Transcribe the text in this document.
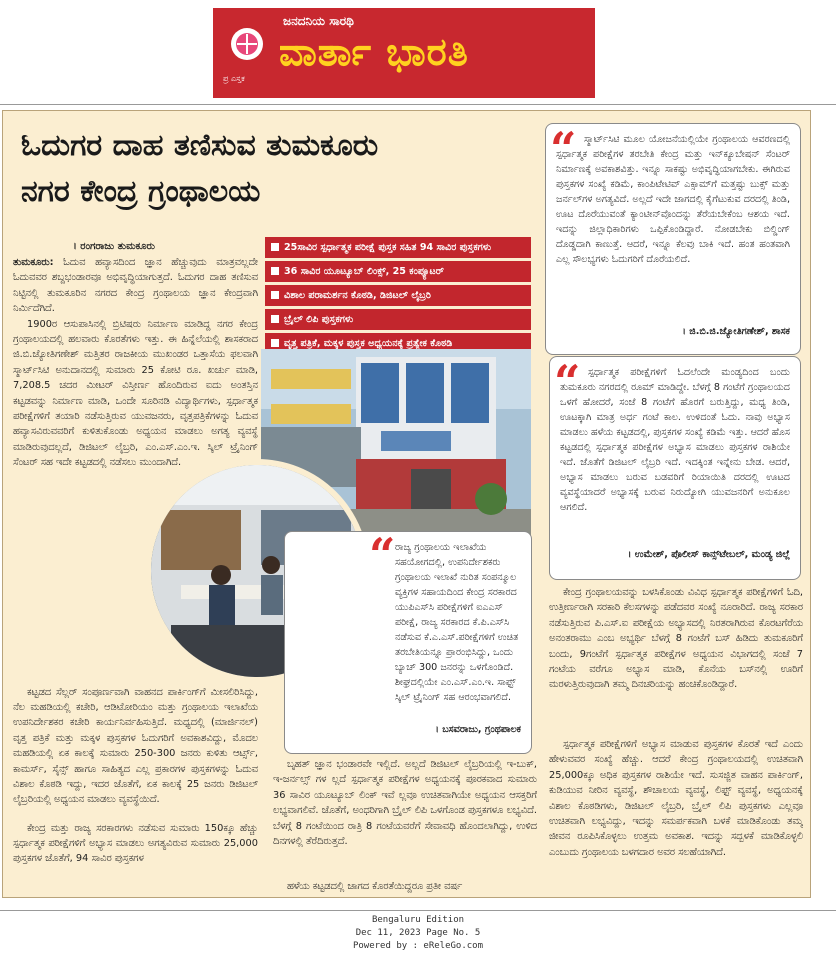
ಜನದನಿಯ ಸಾರಥಿ
ವಾರ್ತಾ ಭಾರತಿ
ಪ್ರ ಎಸ್ತಕ
ಓದುಗರ ದಾಹ ತಣಿಸುವ ತುಮಕೂರು
ನಗರ ಕೇಂದ್ರ ಗ್ರಂಥಾಲಯ
। ರಂಗರಾಜು ತುಮಕೂರು
ತುಮಕೂರು: ಓದುವ ಹವ್ಯಾಸದಿಂದ ಜ್ಞಾನ ಹೆಚ್ಚುವುದು ಮಾತ್ರವಲ್ಲದೇ ಓದುವವರ ಶಬ್ದಭಂಡಾರವೂ ಅಭಿವೃದ್ಧಿಯಾಗುತ್ತದೆ. ಓದುಗರ ದಾಹ ತಣಿಸುವ ನಿಟ್ಟಿನಲ್ಲಿ ತುಮಕೂರಿನ ನಗರದ ಕೇಂದ್ರ ಗ್ರಂಥಾಲಯ ಜ್ಞಾನ ಕೇಂದ್ರವಾಗಿ ನಿರ್ಮಿದೆಗಿದೆ.
1900ರ ಆಸುಪಾಸಿನಲ್ಲಿ ಬ್ರಿಟಿಷರು ನಿರ್ಮಾಣ ಮಾಡಿದ್ದ ನಗರ ಕೇಂದ್ರ ಗ್ರಂಥಾಲಯದಲ್ಲಿ ಹಲವಾರು ಕೊರತೆಗಳು ಇತ್ತು. ಈ ಹಿನ್ನೆಲೆಯಲ್ಲಿ ಶಾಸಕರಾದ ಜಿ.ಬಿ.ಜ್ಯೋತಿಗಣೇಶ್ ಮತ್ತಿತರ ರಾಜಕೀಯ ಮುಖಂಡರ ಒತ್ತಾಸೆಯ ಫಲವಾಗಿ ಸ್ಮಾರ್ಟ್‌ಸಿಟಿ ಅನುದಾನದಲ್ಲಿ ಸುಮಾರು 25 ಕೋಟಿ ರೂ. ಖರ್ಚು ಮಾಡಿ, 7,208.5 ಚದರ ಮೀಟರ್ ವಿಸ್ತೀರ್ಣ ಹೊಂದಿರುವ ಐದು ಅಂತಸ್ತಿನ ಕಟ್ಟಡವನ್ನು ನಿರ್ಮಾಣ ಮಾಡಿ, ಒಂದೇ ಸೂರಿನಡಿ ವಿದ್ಯಾರ್ಥಿಗಳು, ಸ್ಪರ್ಧಾತ್ಮಕ ಪರೀಕ್ಷೆಗಳಿಗೆ ತಯಾರಿ ನಡೆಸುತ್ತಿರುವ ಯುವಜನರು, ವೃತ್ತಪತ್ರಿಕೆಗಳನ್ನು ಓದುವ ಹವ್ಯಾಸವಿರುವವರಿಗೆ ಕುಳಿತುಕೊಂಡು ಅಧ್ಯಯನ ಮಾಡಲು ಅಗತ್ಯ ವ್ಯವಸ್ಥೆ ಮಾಡಿರುವುದಲ್ಲದೆ, ಡಿಜಿಟಲ್ ಲೈಬ್ರರಿ, ಎಂ.ಎಸ್.ಎಂ.ಇ. ಸ್ಕಿಲ್ ಟ್ರೈನಿಂಗ್ ಸೆಂಟರ್ ಸಹ ಇದೇ ಕಟ್ಟಡದಲ್ಲಿ ನಡೆಸಲು ಮುಂದಾಗಿದೆ.
ಕಟ್ಟಡದ ಸೆಲ್ಲರ್ ಸಂಪೂರ್ಣವಾಗಿ ವಾಹನದ ಪಾರ್ಕಿಂಗ್‌ಗೆ ಮೀಸಲಿರಿಸಿದ್ದು, ನೆಲ ಮಹಡಿಯಲ್ಲಿ ಕಚೇರಿ, ಆಡಿಟೋರಿಯಂ ಮತ್ತು ಗ್ರಂಥಾಲಯ ಇಲಾಖೆಯ ಉಪನಿರ್ದೇಶಕರ ಕಚೇರಿ ಕಾರ್ಯನಿರ್ವಹಿಸುತ್ತಿದೆ. ಮಧ್ಯದಲ್ಲಿ (ಮಾರ್ಜಿನಲ್) ವೃತ್ತ ಪತ್ರಿಕೆ ಮತ್ತು ಮಕ್ಕಳ ಪುಸ್ತಕಗಳ ಓದುಗರಿಗೆ ಅವಕಾಶವಿದ್ದು, ಮೊದಲ ಮಹಡಿಯಲ್ಲಿ ಏಕ ಕಾಲಕ್ಕೆ ಸುಮಾರು 250-300 ಜನರು ಕುಳಿತು ಆರ್ಟ್ಸ್, ಕಾಮರ್ಸ್, ಸೈನ್ಸ್ ಹಾಗೂ ಸಾಹಿತ್ಯದ ಎಲ್ಲ ಪ್ರಕಾರಗಳ ಪುಸ್ತಕಗಳನ್ನು ಓದುವ ವಿಶಾಲ ಕೊಠಡಿ ಇದ್ದು, ಇದರ ಜೊತೆಗೆ, ಏಕ ಕಾಲಕ್ಕೆ 25 ಜನರು ಡಿಜಿಟಲ್ ಲೈಬ್ರರಿಯಲ್ಲಿ ಅಧ್ಯಯನ ಮಾಡಲು ವ್ಯವಸ್ಥೆಯಿದೆ.
ಕೇಂದ್ರ ಮತ್ತು ರಾಜ್ಯ ಸರಕಾರಗಳು ನಡೆಸುವ ಸುಮಾರು 150ಕ್ಕೂ ಹೆಚ್ಚು ಸ್ಪರ್ಧಾತ್ಮಕ ಪರೀಕ್ಷೆಗಳಿಗೆ ಅಭ್ಯಾಸ ಮಾಡಲು ಅಗತ್ಯವಿರುವ ಸುಮಾರು 25,000 ಪುಸ್ತಕಗಳ ಜೊತೆಗೆ, 94 ಸಾವಿರ ಪುಸ್ತಕಗಳ
25ಸಾವಿರ ಸ್ಪರ್ಧಾತ್ಮಕ ಪರೀಕ್ಷೆ ಪುಸ್ತಕ ಸಹಿತ 94 ಸಾವಿರ ಪುಸ್ತಕಗಳು
36 ಸಾವಿರ ಯೂಟ್ಯೂಬ್ ಲಿಂಕ್ಸ್, 25 ಕಂಪ್ಯೂಟರ್
ವಿಶಾಲ ಪರಾಮರ್ಶನ ಕೊಠಡಿ, ಡಿಜಿಟಲ್ ಲೈಬ್ರರಿ
ಬ್ರೈಲ್ ಲಿಪಿ ಪುಸ್ತಕಗಳು
ವೃತ್ತ ಪತ್ರಿಕೆ, ಮಕ್ಕಳ ಪುಸ್ತಕ ಅಧ್ಯಯನಕ್ಕೆ ಪ್ರತ್ಯೇಕ ಕೊಠಡಿ
“ ಸ್ಮಾರ್ಟ್‌ಸಿಟಿ ಮೂಲ ಯೋಜನೆಯಲ್ಲಿಯೇ ಗ್ರಂಥಾಲಯ ಆವರಣದಲ್ಲಿ ಸ್ಪರ್ಧಾತ್ಮಕ ಪರೀಕ್ಷೆಗಳ ತರಬೇತಿ ಕೇಂದ್ರ ಮತ್ತು ಇನ್‌ಕ್ಯೂಬೇಷನ್ ಸೆಂಟರ್ ನಿರ್ಮಾಣಕ್ಕೆ ಅವಕಾಶವಿತ್ತು. ಇನ್ನೂ ಸಾಕಷ್ಟು ಅಭಿವೃದ್ಧಿಯಾಗಬೇಕು. ಈಗಿರುವ ಪುಸ್ತಕಗಳ ಸಂಖ್ಯೆ ಕಡಿಮೆ, ಕಾಂಪಿಟೇಟಿವ್ ಎಕ್ಸಾಮ್‌ಗೆ ಮತ್ತಷ್ಟು ಬುಕ್ಸ್ ಮತ್ತು ಜರ್ನಲ್‌ಗಳ ಅಗತ್ಯವಿದೆ. ಅಲ್ಲದೆ ಇದೇ ಜಾಗದಲ್ಲಿ ಕೈಗೆಟುಕುವ ದರದಲ್ಲಿ ತಿಂಡಿ, ಊಟ ದೊರೆಯುವಂತೆ ಕ್ಯಾಂಟೀನ್‌ವೊಂದನ್ನು ತೆರೆಯಬೇಕೆಂಬ ಆಶಯ ಇದೆ. ಇದನ್ನು ಜಿಲ್ಲಾಧಿಕಾರಿಗಳು ಒಪ್ಪಿಕೊಂಡಿದ್ದಾರೆ. ನೋಡಬೇಕು ಬಿಲ್ಡಿಂಗ್ ದೊಡ್ಡದಾಗಿ ಕಾಣುತ್ತೆ. ಆದರೆ, ಇನ್ನೂ ಕೆಲವು ಬಾಕಿ ಇದೆ. ಹಂತ ಹಂತವಾಗಿ ಎಲ್ಲ ಸೌಲಭ್ಯಗಳು ಓದುಗರಿಗೆ ದೊರೆಯಲಿದೆ.
। ಜಿ.ಬಿ.ಜಿ.ಜ್ಯೋತಿಗಣೇಶ್, ಶಾಸಕ
“ ಸ್ಪರ್ಧಾತ್ಮಕ ಪರೀಕ್ಷೆಗಳಿಗೆ ಓದಲೆಂದೇ ಮಂಡ್ಯದಿಂದ ಬಂದು ತುಮಕೂರು ನಗರದಲ್ಲಿ ರೂಮ್ ಮಾಡಿದ್ದೇ. ಬೆಳಗ್ಗೆ 8 ಗಂಟೆಗೆ ಗ್ರಂಥಾಲಯದ ಒಳಗೆ ಹೋದರೆ, ಸಂಜೆ 8 ಗಂಟೆಗೆ ಹೊರಗೆ ಬರುತ್ತಿದ್ದು, ಮಧ್ಯ ತಿಂಡಿ, ಊಟಕ್ಕಾಗಿ ಮಾತ್ರ ಅರ್ಧ ಗಂಟೆ ಕಾಲ. ಉಳಿದಂತೆ ಓದು. ನಾವು ಅಭ್ಯಾಸ ಮಾಡಲು ಹಳೆಯ ಕಟ್ಟಡದಲ್ಲಿ, ಪುಸ್ತಕಗಳ ಸಂಖ್ಯೆ ಕಡಿಮೆ ಇತ್ತು. ಆದರೆ ಹೊಸ ಕಟ್ಟಡದಲ್ಲಿ ಸ್ಪರ್ಧಾತ್ಮಕ ಪರೀಕ್ಷೆಗಳ ಅಭ್ಯಾಸ ಮಾಡಲು ಪುಸ್ತಕಗಳ ರಾಶಿಯೇ ಇದೆ. ಜೊತೆಗೆ ಡಿಜಿಟಲ್ ಲೈಬ್ರರಿ ಇದೆ. ಇದಕ್ಕಿಂತ ಇನ್ನೇನು ಬೇಡ. ಆದರೆ, ಅಭ್ಯಾಸ ಮಾಡಲು ಬರುವ ಬಡವರಿಗೆ ರಿಯಾಯಿತಿ ದರದಲ್ಲಿ ಊಟದ ವ್ಯವಸ್ಥೆಯಾದರೆ ಅಭ್ಯಾಸಕ್ಕೆ ಬರುವ ನಿರುದ್ಯೋಗಿ ಯುವಜನರಿಗೆ ಅನುಕೂಲ ಆಗಲಿದೆ.
। ಉಮೇಶ್, ಪೊಲೀಸ್ ಕಾನ್ಸ್‌ಟೇಬಲ್, ಮಂಡ್ಯ ಜಿಲ್ಲೆ
“ ರಾಜ್ಯ ಗ್ರಂಥಾಲಯ ಇಲಾಖೆಯ ಸಹಯೋಗದಲ್ಲಿ, ಉಪನಿರ್ದೇಶಕರು ಗ್ರಂಥಾಲಯ ಇಲಾಖೆ ನುರಿತ ಸಂಪನ್ಮೂಲ ವ್ಯಕ್ತಿಗಳ ಸಹಾಯದಿಂದ ಕೇಂದ್ರ ಸರಕಾರದ ಯುಪಿಎಸ್‌ಸಿ ಪರೀಕ್ಷೆಗಳಿಗೆ ಐಎಎಸ್ ಪರೀಕ್ಷೆ, ರಾಜ್ಯ ಸರಕಾರದ ಕೆ.ಪಿ.ಎಸ್‌ಸಿ ನಡೆಸುವ ಕೆ.ಎ.ಎಸ್.ಪರೀಕ್ಷೆಗಳಿಗೆ ಉಚಿತ ತರಬೇತಿಯನ್ನೂ ಪ್ರಾರಂಭಿಸಿದ್ದು, ಒಂದು ಬ್ಯಾಚ್ 300 ಜನರನ್ನು ಒಳಗೊಂಡಿದೆ. ಶೀಘ್ರದಲ್ಲಿಯೇ ಎಂ.ಎಸ್.ಎಂ.ಇ. ಸಾಫ್ಟ್ ಸ್ಕಿಲ್ ಟ್ರೈನಿಂಗ್ ಸಹ ಆರಂಭವಾಗಲಿದೆ.
। ಬಸವರಾಜು, ಗ್ರಂಥಪಾಲಕ
ಬೃಹತ್ ಜ್ಞಾನ ಭಂಡಾರವೇ ಇಲ್ಲಿದೆ. ಅಲ್ಲದೆ ಡಿಜಿಟಲ್ ಲೈಬ್ರರಿಯಲ್ಲಿ ಇ-ಬುಕ್, ಇ-ಜರ್ನಲ್ಸ್ ಗಳ ಲ್ಲದೆ ಸ್ಪರ್ಧಾತ್ಮಕ ಪರೀಕ್ಷೆಗಳ ಅಧ್ಯಯನಕ್ಕೆ ಪೂರಕವಾದ ಸುಮಾರು 36 ಸಾವಿರ ಯೂಟ್ಯೂಬ್ ಲಿಂಕ್ ಇವೆ ಲ್ಲವೂ ಉಚಿತವಾಗಿಯೇ ಅಧ್ಯಯನ ಆಸಕ್ತರಿಗೆ ಲಭ್ಯವಾಗಲಿವೆ. ಜೊತೆಗೆ, ಅಂಧರಿಗಾಗಿ ಬ್ರೈಲ್ ಲಿಪಿ ಒಳಗೊಂಡ ಪುಸ್ತಕಗಳೂ ಲಭ್ಯವಿದೆ. ಬೆಳಗ್ಗೆ 8 ಗಂಟೆಯಿಂದ ರಾತ್ರಿ 8 ಗಂಟೆಯವರೆಗೆ ಸೇವಾವಧಿ ಹೊಂದಲಾಗಿದ್ದು, ಉಳಿದ ದಿನಗಳಲ್ಲಿ ತೆರೆದಿರುತ್ತದೆ.
ಹಳೆಯ ಕಟ್ಟಡದಲ್ಲಿ ಜಾಗದ ಕೊರತೆಯಿದ್ದರೂ ಪ್ರತೀ ವರ್ಷ
ಕೇಂದ್ರ ಗ್ರಂಥಾಲಯವನ್ನು ಬಳಸಿಕೊಂಡು ವಿವಿಧ ಸ್ಪರ್ಧಾತ್ಮಕ ಪರೀಕ್ಷೆಗಳಿಗೆ ಓದಿ, ಉತ್ತೀರ್ಣರಾಗಿ ಸರಕಾರಿ ಕೆಲಸಗಳನ್ನು ಪಡೆದವರ ಸಂಖ್ಯೆ ನೂರಾರಿದೆ. ರಾಜ್ಯ ಸರಕಾರ ನಡೆಸುತ್ತಿರುವ ಪಿ.ಎಸ್.ಐ ಪರೀಕ್ಷೆಯ ಅಭ್ಯಾಸದಲ್ಲಿ ನಿರತರಾಗಿರುವ ಕೊರಟಗೆರೆಯ ಅನಂತರಾಮು ಎಂಬ ಅಭ್ಯರ್ಥಿ ಬೆಳಗ್ಗೆ 8 ಗಂಟೆಗೆ ಬಸ್ ಹಿಡಿದು ತುಮಕೂರಿಗೆ ಬಂದು, 9ಗಂಟೆಗೆ ಸ್ಪರ್ಧಾತ್ಮಕ ಪರೀಕ್ಷೆಗಳ ಅಧ್ಯಯನ ವಿಭಾಗದಲ್ಲಿ ಸಂಜೆ 7 ಗಂಟೆಯ ವರೆಗೂ ಅಭ್ಯಾಸ ಮಾಡಿ, ಕೊನೆಯ ಬಸ್‌ನಲ್ಲಿ ಊರಿಗೆ ಮರಳುತ್ತಿರುವುದಾಗಿ ತಮ್ಮ ದಿನಚರಿಯನ್ನು ಹಂಚಿಕೊಂಡಿದ್ದಾರೆ.
ಸ್ಪರ್ಧಾತ್ಮಕ ಪರೀಕ್ಷೆಗಳಿಗೆ ಅಭ್ಯಾಸ ಮಾಡುವ ಪುಸ್ತಕಗಳ ಕೊರತೆ ಇದೆ ಎಂದು ಹೇಳುವವರ ಸಂಖ್ಯೆ ಹೆಚ್ಚು. ಆದರೆ ಕೇಂದ್ರ ಗ್ರಂಥಾಲಯದಲ್ಲಿ ಉಚಿತವಾಗಿ 25,000ಕ್ಕೂ ಅಧಿಕ ಪುಸ್ತಕಗಳ ರಾಶಿಯೇ ಇದೆ. ಸುಸಜ್ಜಿತ ವಾಹನ ಪಾರ್ಕಿಂಗ್, ಕುಡಿಯುವ ನೀರಿನ ವ್ಯವಸ್ಥೆ, ಶೌಚಾಲಯ ವ್ಯವಸ್ಥೆ, ಲಿಫ್ಟ್ ವ್ಯವಸ್ಥೆ, ಅಧ್ಯಯನಕ್ಕೆ ವಿಶಾಲ ಕೊಠಡಿಗಳು, ಡಿಜಿಟಲ್ ಲೈಬ್ರರಿ, ಬ್ರೈಲ್ ಲಿಪಿ ಪುಸ್ತಕಗಳು ಎಲ್ಲವೂ ಉಚಿತವಾಗಿ ಲಭ್ಯವಿದ್ದು, ಇದನ್ನು ಸಮರ್ಪಕವಾಗಿ ಬಳಕೆ ಮಾಡಿಕೊಂಡು ತಮ್ಮ ಜೀವನ ರೂಪಿಸಿಕೊಳ್ಳಲು ಉತ್ತಮ ಅವಕಾಶ. ಇದನ್ನು ಸದ್ಬಳಕೆ ಮಾಡಿಕೊಳ್ಳಲಿ ಎಂಬುದು ಗ್ರಂಥಾಲಯ ಬಳಗದಾರ ಅವರ ಸಲಹೆಯಾಗಿದೆ.
Bengaluru Edition
Dec 11, 2023 Page No. 5
Powered by : eReleGo.com
